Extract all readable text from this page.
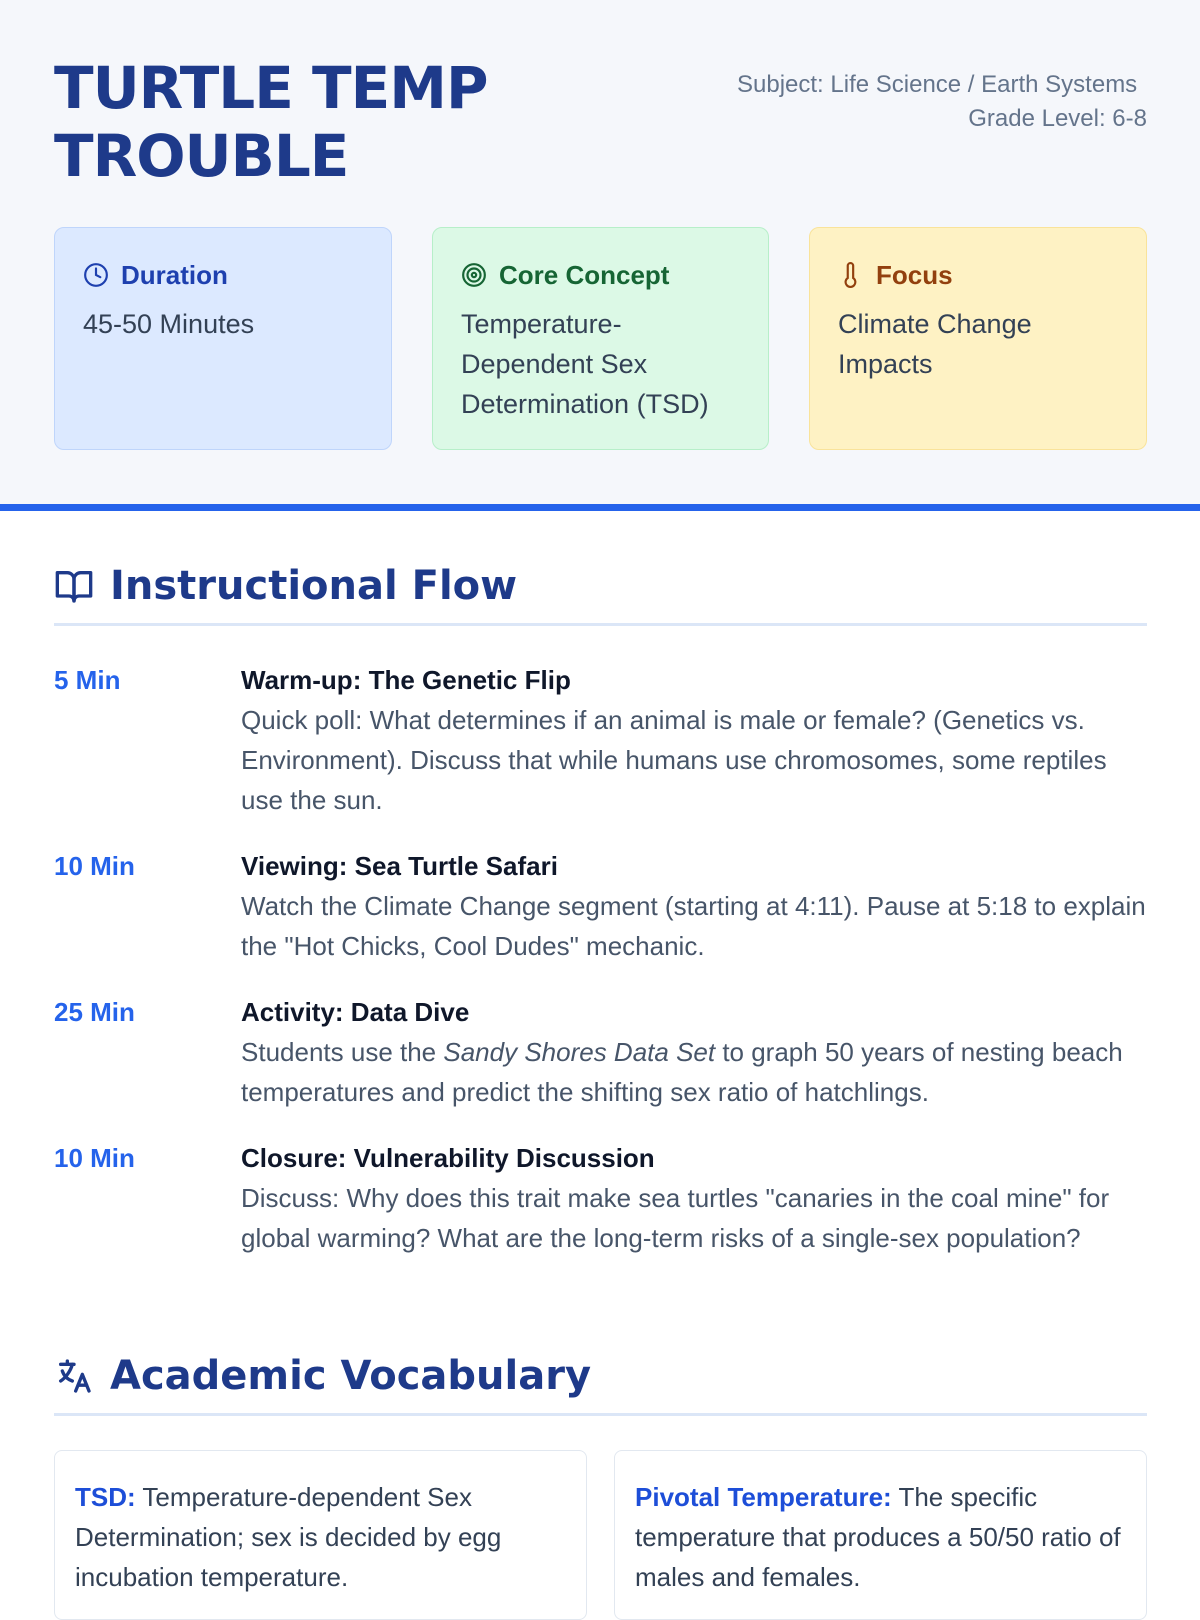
TURTLE TEMP TROUBLE
Subject: Life Science / Earth Systems
Grade Level: 6-8
Duration
45-50 Minutes
Core Concept
Temperature-Dependent Sex Determination (TSD)
Focus
Climate Change Impacts
Instructional Flow
5 Min	Warm-up: The Genetic Flip
Quick poll: What determines if an animal is male or female? (Genetics vs. Environment). Discuss that while humans use chromosomes, some reptiles use the sun.
10 Min	Viewing: Sea Turtle Safari
Watch the Climate Change segment (starting at 4:11). Pause at 5:18 to explain the "Hot Chicks, Cool Dudes" mechanic.
25 Min	Activity: Data Dive
Students use the Sandy Shores Data Set to graph 50 years of nesting beach temperatures and predict the shifting sex ratio of hatchlings.
10 Min	Closure: Vulnerability Discussion
Discuss: Why does this trait make sea turtles "canaries in the coal mine" for global warming? What are the long-term risks of a single-sex population?
Academic Vocabulary
TSD: Temperature-dependent Sex Determination; sex is decided by egg incubation temperature.
Pivotal Temperature: The specific temperature that produces a 50/50 ratio of males and females.
